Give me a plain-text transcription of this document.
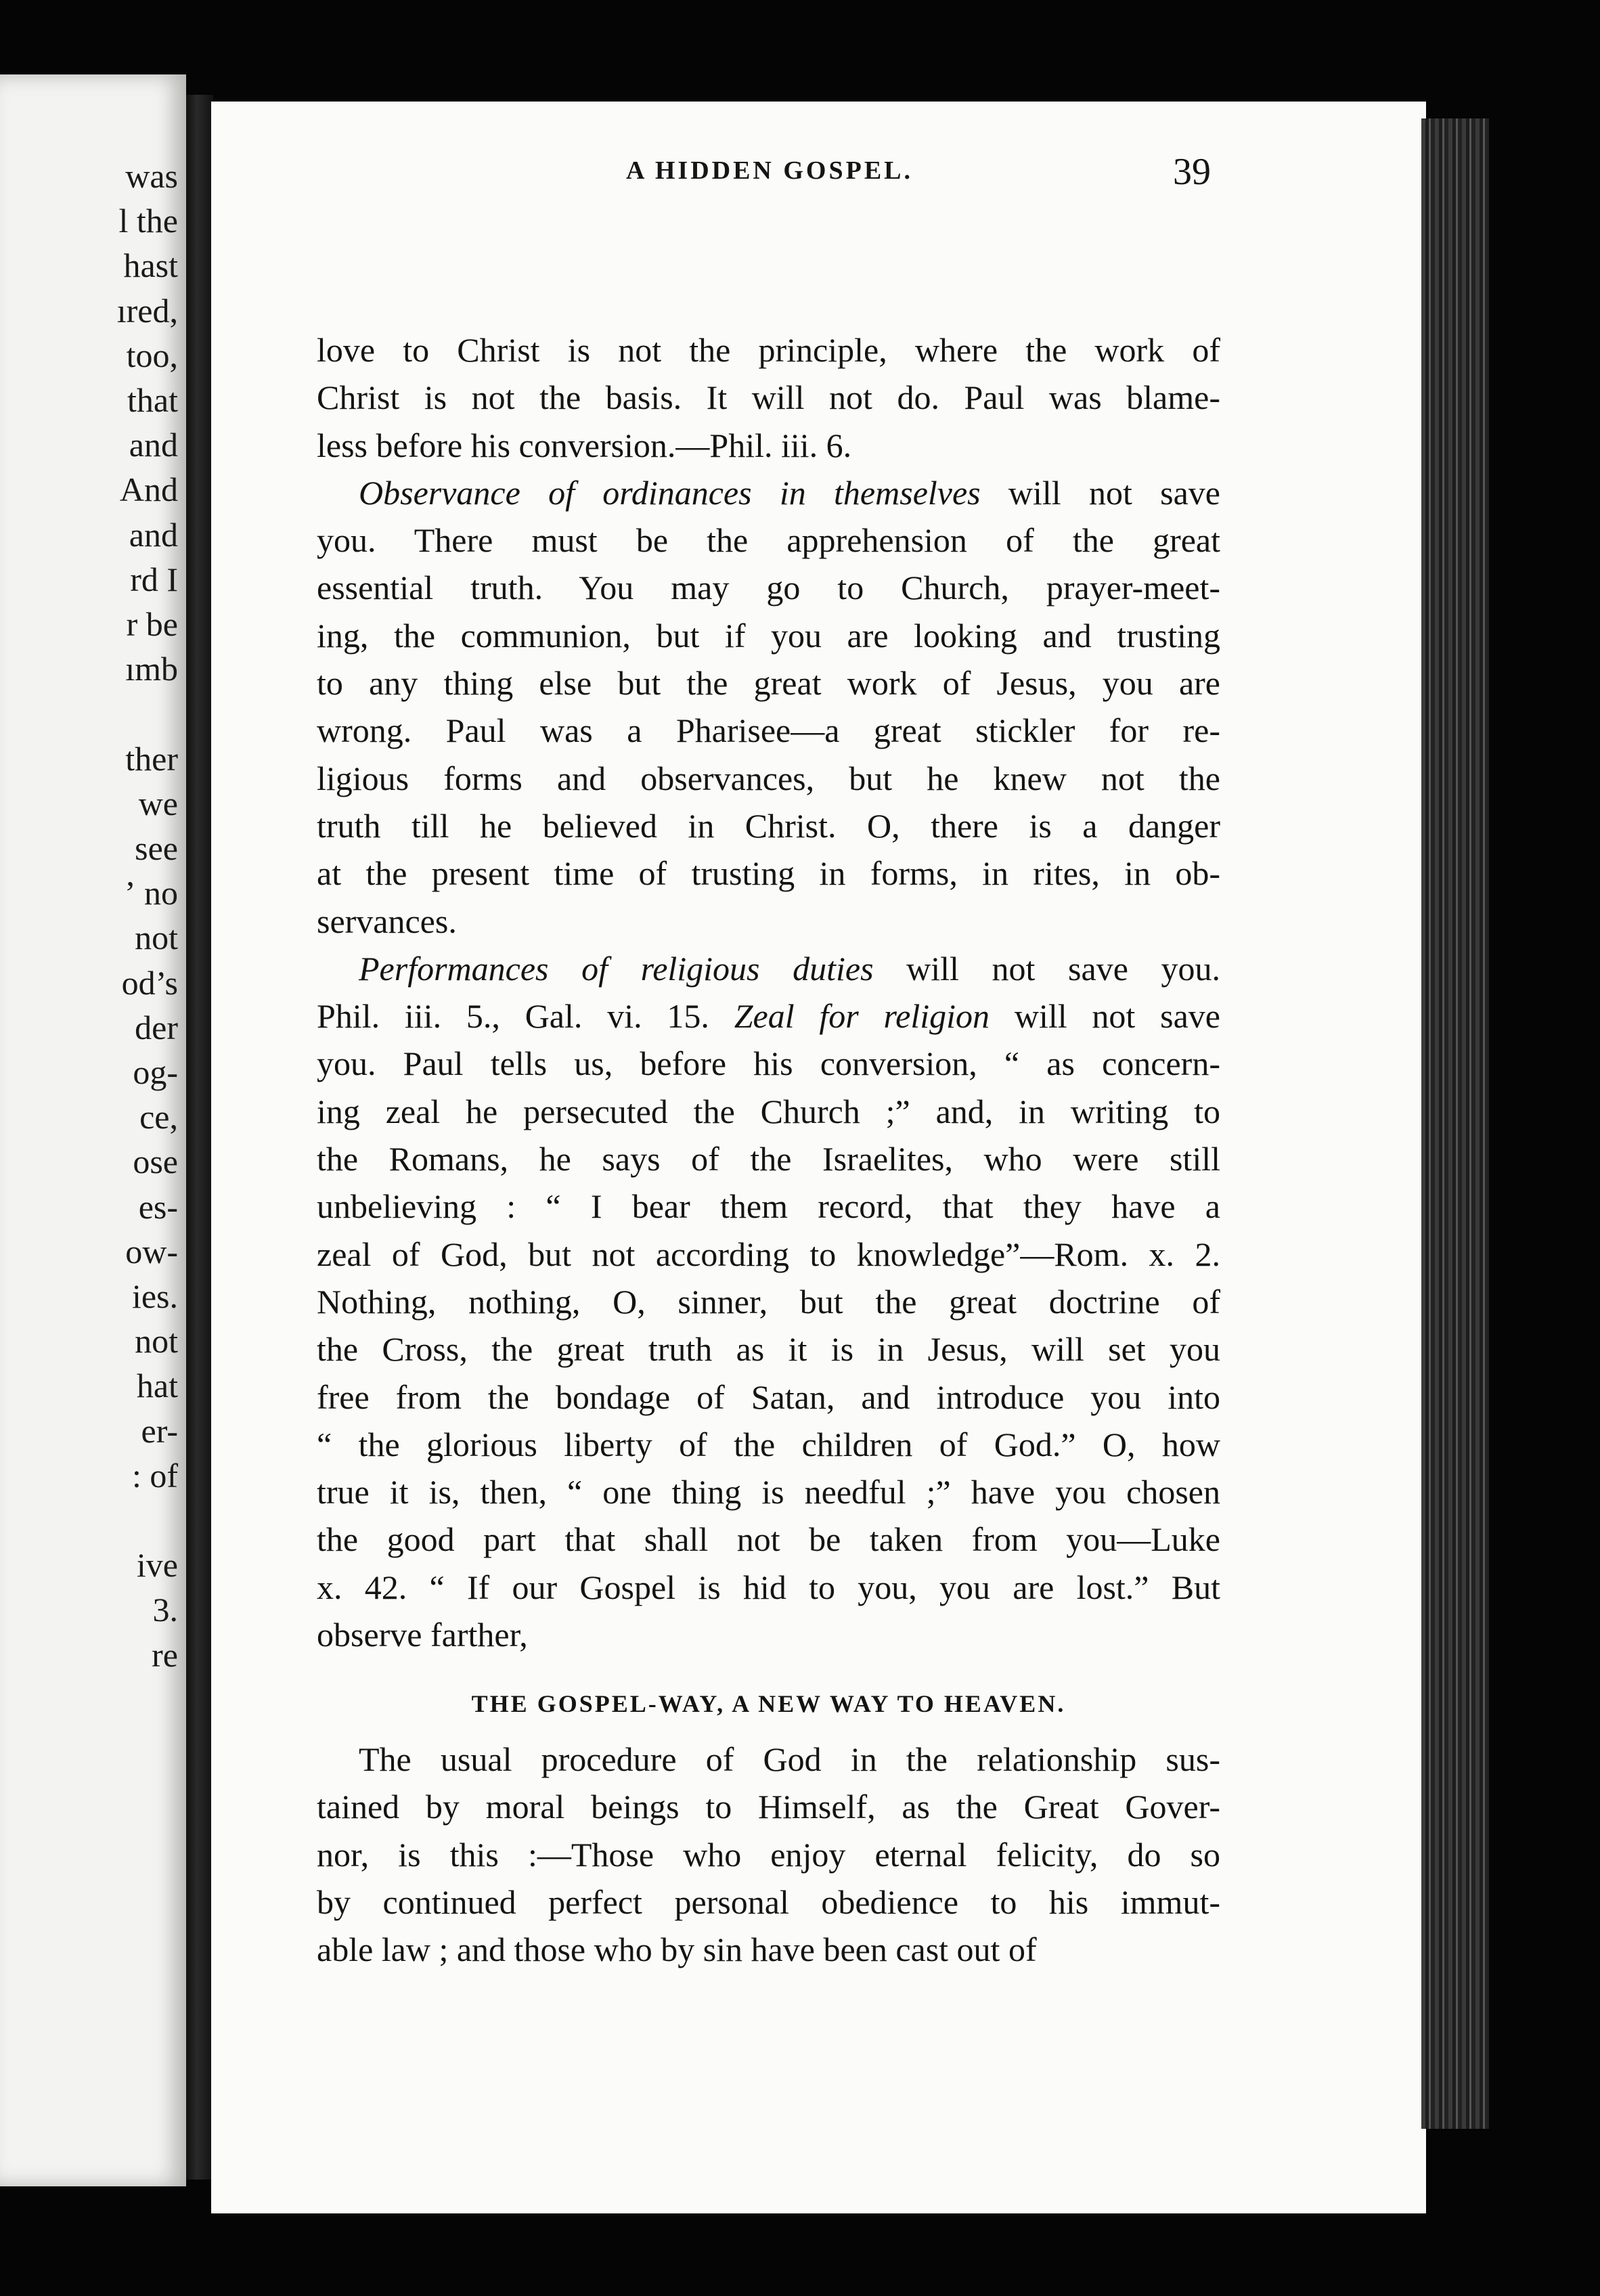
was
l the
hast
ıred,
too,
that
and
And
and
rd I
r be
ımb
ther
we
see
ʼ no
not
od’s
der
og-
ce,
ose
es-
ow-
ies.
not
hat
er-
: of
ive
3.
re
A HIDDEN GOSPEL.	39
love to Christ is not the principle, where the work of
Christ is not the basis. It will not do. Paul was blame-
less before his conversion.—Phil. iii. 6.
Observance of ordinances in themselves will not save
you. There must be the apprehension of the great
essential truth. You may go to Church, prayer-meet-
ing, the communion, but if you are looking and trusting
to any thing else but the great work of Jesus, you are
wrong. Paul was a Pharisee—a great stickler for re-
ligious forms and observances, but he knew not the
truth till he believed in Christ. O, there is a danger
at the present time of trusting in forms, in rites, in ob-
servances.
Performances of religious duties will not save you.
Phil. iii. 5., Gal. vi. 15. Zeal for religion will not save
you. Paul tells us, before his conversion, “ as concern-
ing zeal he persecuted the Church ;” and, in writing to
the Romans, he says of the Israelites, who were still
unbelieving : “ I bear them record, that they have a
zeal of God, but not according to knowledge”—Rom. x. 2.
Nothing, nothing, O, sinner, but the great doctrine of
the Cross, the great truth as it is in Jesus, will set you
free from the bondage of Satan, and introduce you into
“ the glorious liberty of the children of God.” O, how
true it is, then, “ one thing is needful ;” have you chosen
the good part that shall not be taken from you—Luke
x. 42. “ If our Gospel is hid to you, you are lost.” But
observe farther,
THE GOSPEL-WAY, A NEW WAY TO HEAVEN.
The usual procedure of God in the relationship sus-
tained by moral beings to Himself, as the Great Gover-
nor, is this :—Those who enjoy eternal felicity, do so
by continued perfect personal obedience to his immut-
able law ; and those who by sin have been cast out of
